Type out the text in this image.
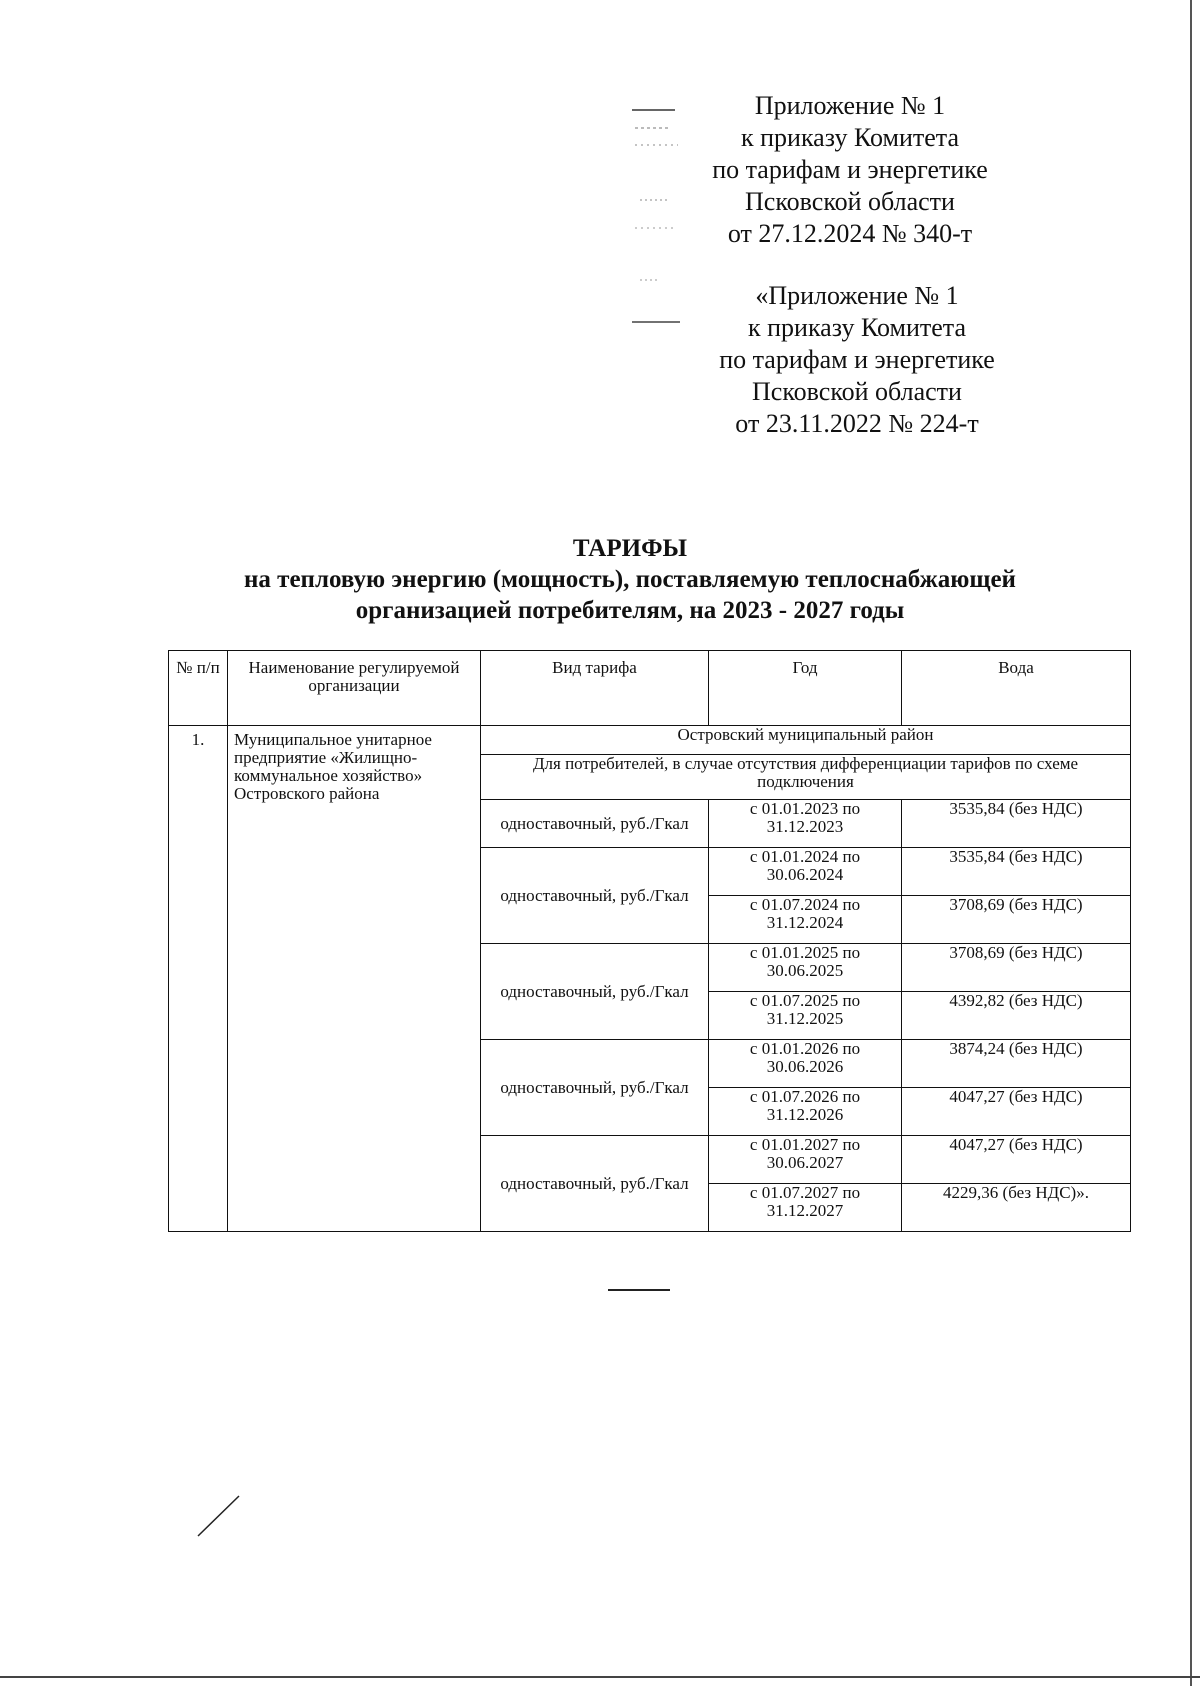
Приложение № 1
к приказу Комитета
по тарифам и энергетике
Псковской области
от 27.12.2024 № 340-т
«Приложение № 1
к приказу Комитета
по тарифам и энергетике
Псковской области
от 23.11.2022 № 224-т
ТАРИФЫ
на тепловую энергию (мощность), поставляемую теплоснабжающей
организацией потребителям, на 2023 - 2027 годы
№ п/п	Наименование регулируемой организации	Вид тарифа	Год	Вода
1.	Муниципальное унитарное предприятие «Жилищно-коммунальное хозяйство» Островского района	Островский муниципальный район		
		Для потребителей, в случае отсутствия дифференциации тарифов по схеме подключения		
		одноставочный, руб./Гкал	с 01.01.2023 по 31.12.2023	3535,84 (без НДС)
		одноставочный, руб./Гкал	с 01.01.2024 по 30.06.2024	3535,84 (без НДС)
			с 01.07.2024 по 31.12.2024	3708,69 (без НДС)
		одноставочный, руб./Гкал	с 01.01.2025 по 30.06.2025	3708,69 (без НДС)
			с 01.07.2025 по 31.12.2025	4392,82 (без НДС)
		одноставочный, руб./Гкал	с 01.01.2026 по 30.06.2026	3874,24 (без НДС)
			с 01.07.2026 по 31.12.2026	4047,27 (без НДС)
		одноставочный, руб./Гкал	с 01.01.2027 по 30.06.2027	4047,27 (без НДС)
			с 01.07.2027 по 31.12.2027	4229,36 (без НДС)».
